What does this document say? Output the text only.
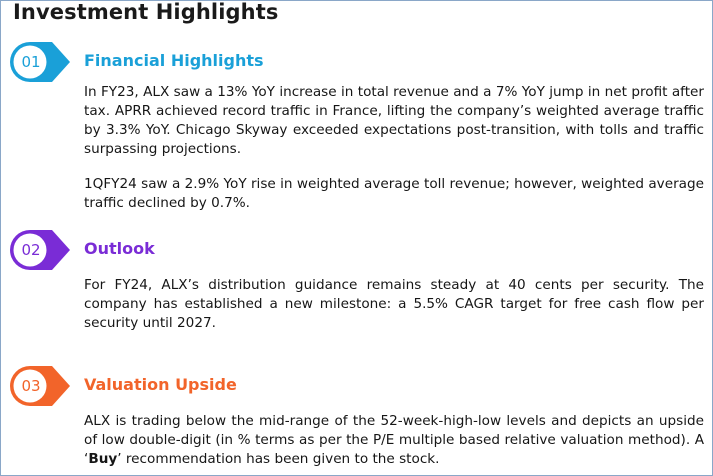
Investment Highlights
01	Financial Highlights

In FY23, ALX saw a 13% YoY increase in total revenue and a 7% YoY jump in net profit after tax. APRR achieved record traffic in France, lifting the company’s weighted average traffic by 3.3% YoY. Chicago Skyway exceeded expectations post-transition, with tolls and traffic surpassing projections.

1QFY24 saw a 2.9% YoY rise in weighted average toll revenue; however, weighted average traffic declined by 0.7%.

02	Outlook

For FY24, ALX’s distribution guidance remains steady at 40 cents per security. The company has established a new milestone: a 5.5% CAGR target for free cash flow per security until 2027.

03	Valuation Upside

ALX is trading below the mid-range of the 52-week-high-low levels and depicts an upside of low double-digit (in % terms as per the P/E multiple based relative valuation method). A ‘Buy’ recommendation has been given to the stock.
